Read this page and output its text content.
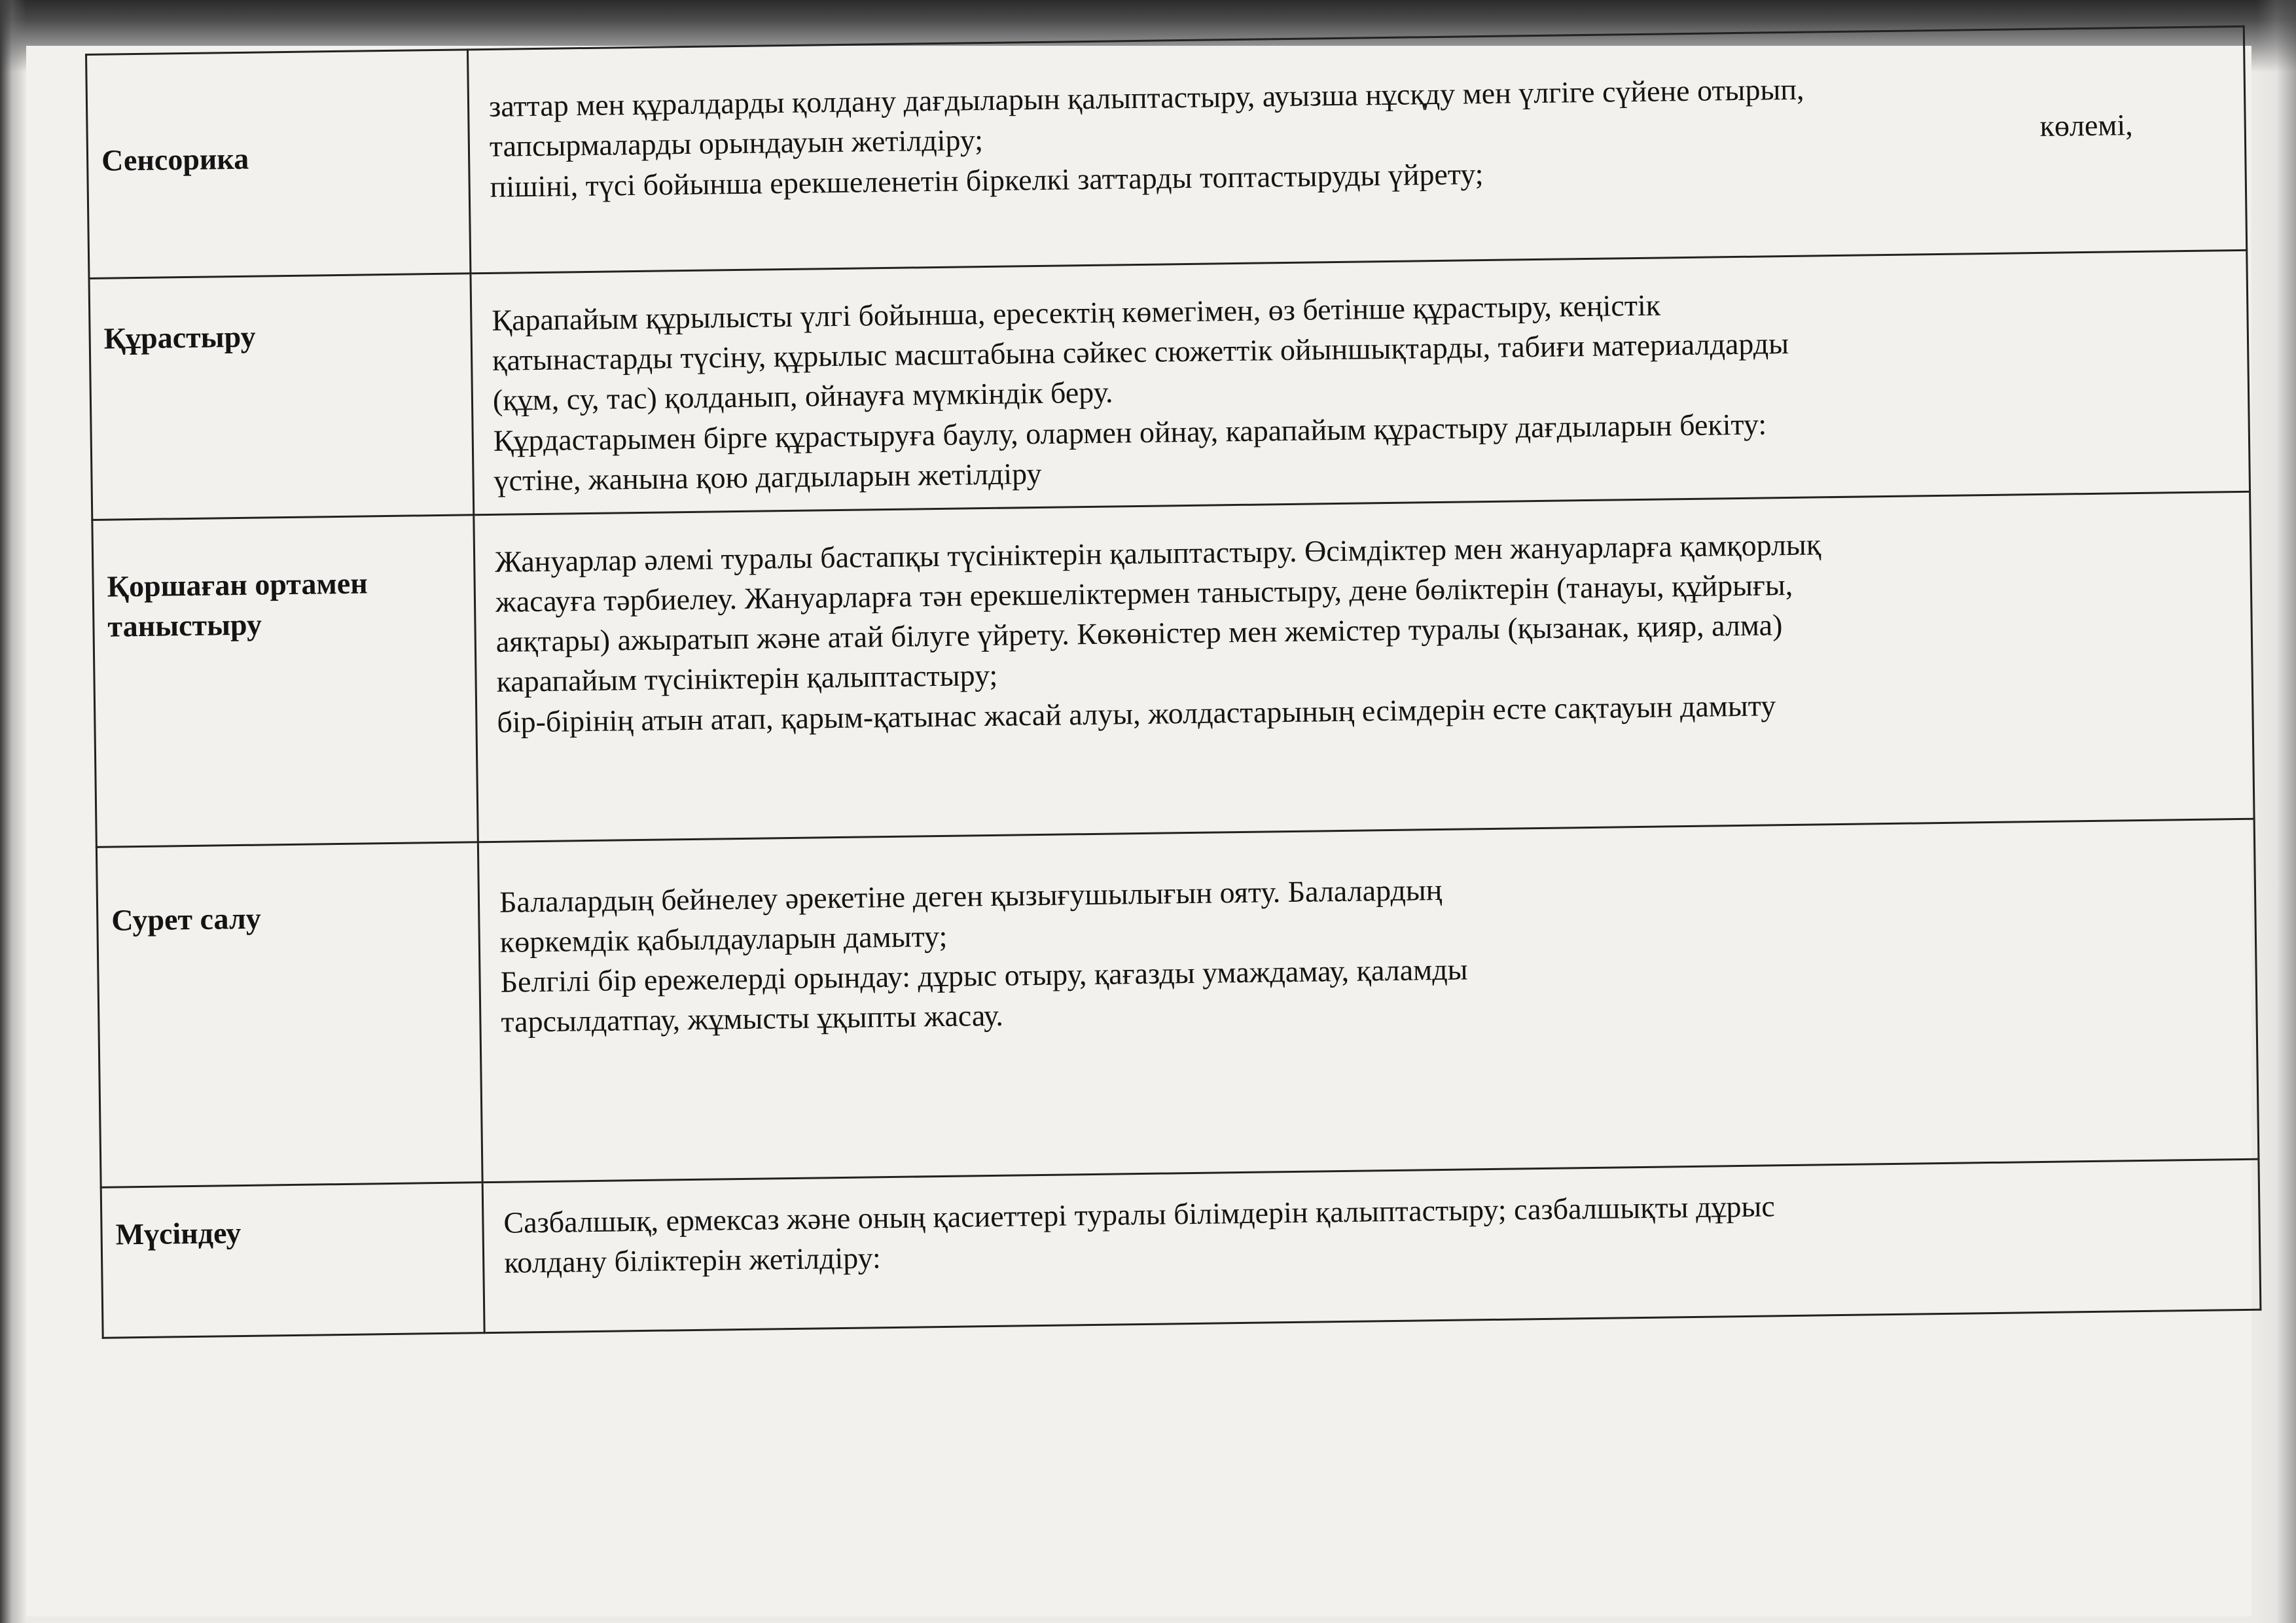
Сенсорика	заттар мен құралдарды қолдану дағдыларын қалыптастыру, ауызша нұсқду мен үлгіге сүйене отырып,
тапсырмаларды орындауын жетілдіру; көлемі,
пішіні, түсі бойынша ерекшеленетін біркелкі заттарды топтастыруды үйрету;

Құрастыру	Қарапайым құрылысты үлгі бойынша, ересектің көмегімен, өз бетінше құрастыру, кеңістік
қатынастарды түсіну, құрылыс масштабына сәйкес сюжеттік ойыншықтарды, табиғи материалдарды
(құм, су, тас) қолданып, ойнауға мүмкіндік беру.
Құрдастарымен бірге құрастыруға баулу, олармен ойнау, карапайым құрастыру дағдыларын бекіту:
үстіне, жанына қою дагдыларын жетілдіру

Қоршаған ортамен таныстыру	Жануарлар әлемі туралы бастапқы түсініктерін қалыптастыру. Өсімдіктер мен жануарларға қамқорлық
жасауға тәрбиелеу. Жануарларға тән ерекшеліктермен таныстыру, дене бөліктерін (танауы, құйрығы,
аяқтары) ажыратып және атай білуге үйрету. Көкөністер мен жемістер туралы (қызанак, қияр, алма)
карапайым түсініктерін қалыптастыру;
бір-бірінің атын атап, қарым-қатынас жасай алуы, жолдастарының есімдерін есте сақтауын дамыту

Сурет салу	Балалардың бейнелеу әрекетіне деген қызығушылығын ояту. Балалардың
көркемдік қабылдауларын дамыту;
Белгілі бір ережелерді орындау: дұрыс отыру, қағазды умаждамау, қаламды
тарсылдатпау, жұмысты ұқыпты жасау.

Мүсіндеу	Сазбалшық, ермексаз және оның қасиеттері туралы білімдерін қалыптастыру; сазбалшықты дұрыс
колдану біліктерін жетілдіру:
